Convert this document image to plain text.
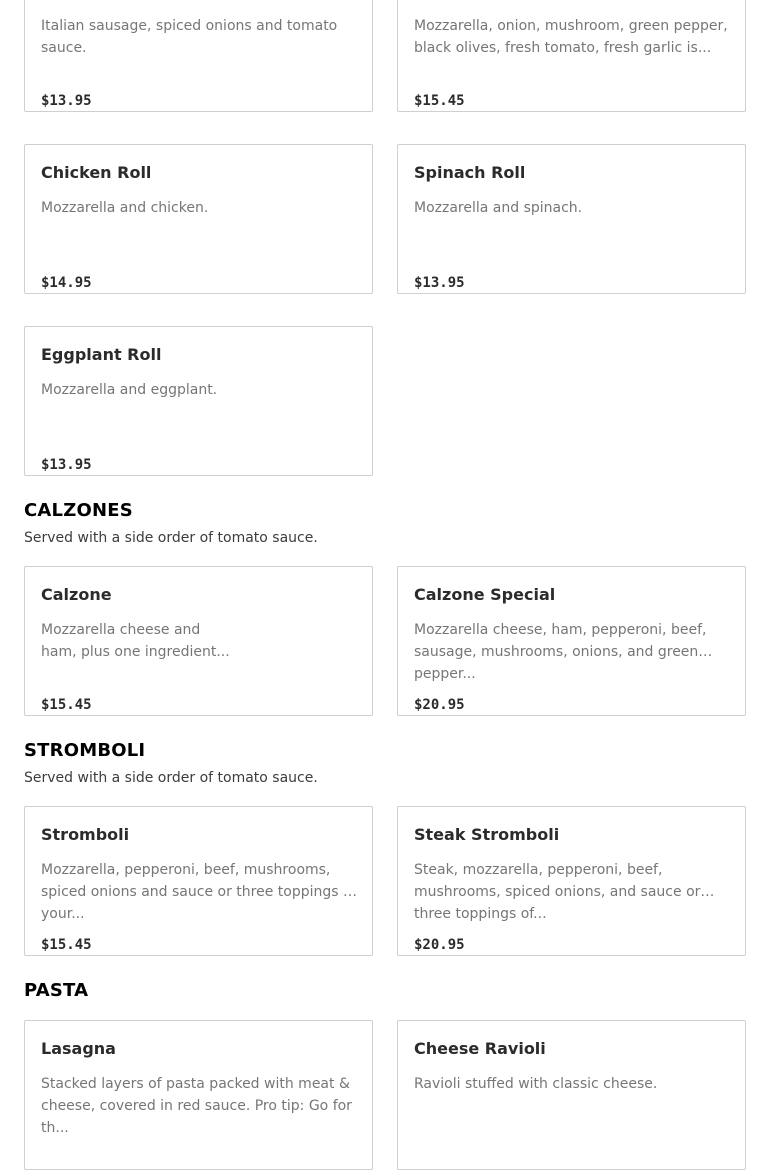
Italian sausage, spiced onions and tomato sauce.
$13.95
Mozzarella, onion, mushroom, green pepper, black olives, fresh tomato, fresh garlic is...
$15.45
Chicken Roll
Mozzarella and chicken.
$14.95
Spinach Roll
Mozzarella and spinach.
$13.95
Eggplant Roll
Mozzarella and eggplant.
$13.95
CALZONES
Served with a side order of tomato sauce.
Calzone
Mozzarella cheese and ham, plus one ingredient...
$15.45
Calzone Special
Mozzarella cheese, ham, pepperoni, beef, sausage, mushrooms, onions, and green pepper...
$20.95
STROMBOLI
Served with a side order of tomato sauce.
Stromboli
Mozzarella, pepperoni, beef, mushrooms, spiced onions and sauce or three toppings of your...
$15.45
Steak Stromboli
Steak, mozzarella, pepperoni, beef, mushrooms, spiced onions, and sauce or three toppings of...
$20.95
PASTA
Lasagna
Stacked layers of pasta packed with meat & cheese, covered in red sauce. Pro tip: Go for th...
Cheese Ravioli
Ravioli stuffed with classic cheese.
